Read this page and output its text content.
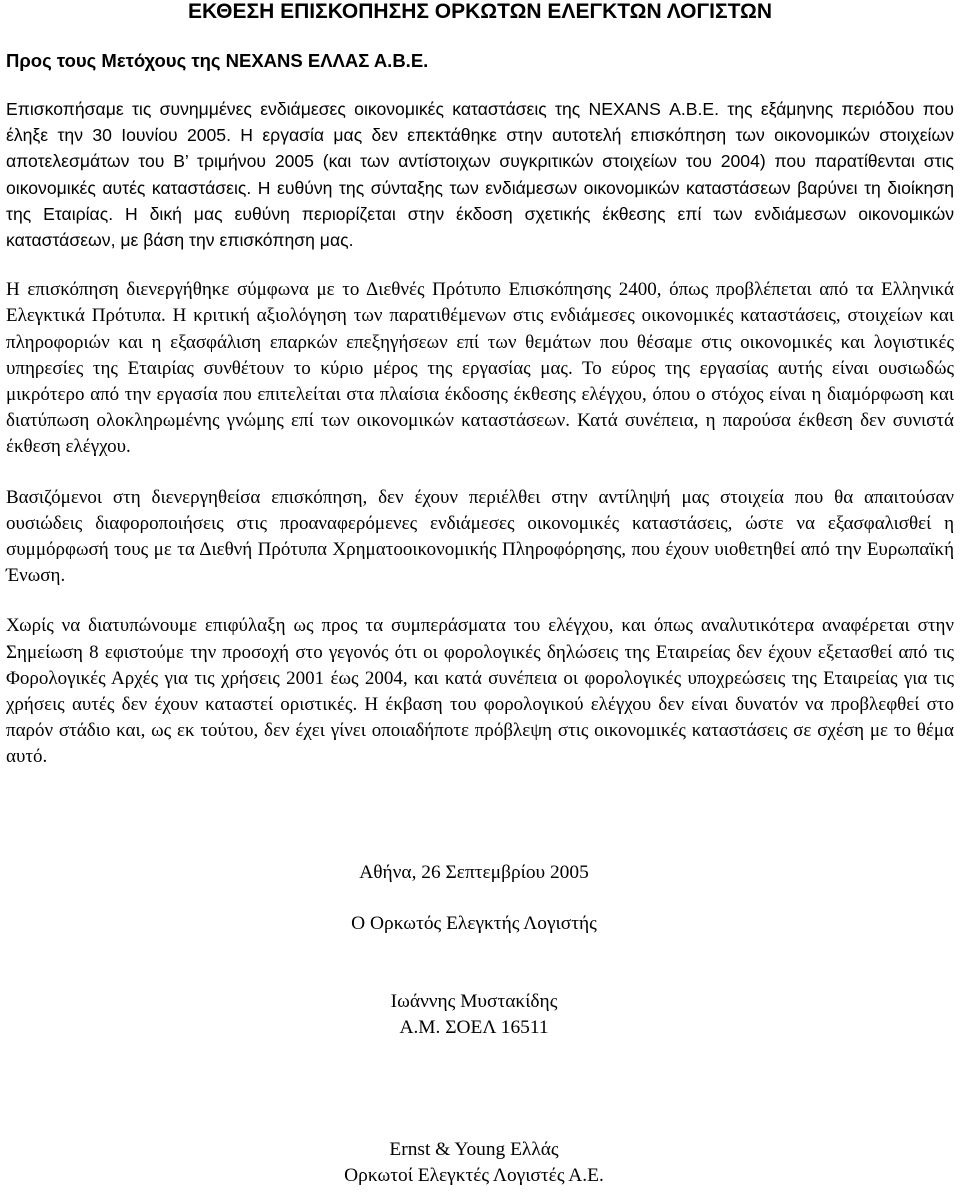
ΕΚΘΕΣΗ ΕΠΙΣΚΟΠΗΣΗΣ ΟΡΚΩΤΩΝ ΕΛΕΓΚΤΩΝ ΛΟΓΙΣΤΩΝ

Προς τους Μετόχους της NEXANS ΕΛΛΑΣ Α.Β.Ε.

Επισκοπήσαμε τις συνημμένες ενδιάμεσες οικονομικές καταστάσεις της NEXANS Α.Β.Ε. της εξάμηνης περιόδου που έληξε την 30 Ιουνίου 2005. Η εργασία μας δεν επεκτάθηκε στην αυτοτελή επισκόπηση των οικονομικών στοιχείων αποτελεσμάτων του Β’ τριμήνου 2005 (και των αντίστοιχων συγκριτικών στοιχείων του 2004) που παρατίθενται στις οικονομικές αυτές καταστάσεις. Η ευθύνη της σύνταξης των ενδιάμεσων οικονομικών καταστάσεων βαρύνει τη διοίκηση της Εταιρίας. Η δική μας ευθύνη περιορίζεται στην έκδοση σχετικής έκθεσης επί των ενδιάμεσων οικονομικών καταστάσεων, με βάση την επισκόπηση μας.

Η επισκόπηση διενεργήθηκε σύμφωνα με το Διεθνές Πρότυπο Επισκόπησης 2400, όπως προβλέπεται από τα Ελληνικά Ελεγκτικά Πρότυπα. Η κριτική αξιολόγηση των παρατιθέμενων στις ενδιάμεσες οικονομικές καταστάσεις, στοιχείων και πληροφοριών και η εξασφάλιση επαρκών επεξηγήσεων επί των θεμάτων που θέσαμε στις οικονομικές και λογιστικές υπηρεσίες της Εταιρίας συνθέτουν το κύριο μέρος της εργασίας μας. Το εύρος της εργασίας αυτής είναι ουσιωδώς μικρότερο από την εργασία που επιτελείται στα πλαίσια έκδοσης έκθεσης ελέγχου, όπου ο στόχος είναι η διαμόρφωση και διατύπωση ολοκληρωμένης γνώμης επί των οικονομικών καταστάσεων. Κατά συνέπεια, η παρούσα έκθεση δεν συνιστά έκθεση ελέγχου.

Βασιζόμενοι στη διενεργηθείσα επισκόπηση, δεν έχουν περιέλθει στην αντίληψή μας στοιχεία που θα απαιτούσαν ουσιώδεις διαφοροποιήσεις στις προαναφερόμενες ενδιάμεσες οικονομικές καταστάσεις, ώστε να εξασφαλισθεί η συμμόρφωσή τους με τα Διεθνή Πρότυπα Χρηματοοικονομικής Πληροφόρησης, που έχουν υιοθετηθεί από την Ευρωπαϊκή Ένωση.

Χωρίς να διατυπώνουμε επιφύλαξη ως προς τα συμπεράσματα του ελέγχου, και όπως αναλυτικότερα αναφέρεται στην Σημείωση 8 εφιστούμε την προσοχή στο γεγονός ότι οι φορολογικές δηλώσεις της Εταιρείας δεν έχουν εξετασθεί από τις Φορολογικές Αρχές για τις χρήσεις 2001 έως 2004, και κατά συνέπεια οι φορολογικές υποχρεώσεις της Εταιρείας για τις χρήσεις αυτές δεν έχουν καταστεί οριστικές. Η έκβαση του φορολογικού ελέγχου δεν είναι δυνατόν να προβλεφθεί στο παρόν στάδιο και, ως εκ τούτου, δεν έχει γίνει οποιαδήποτε πρόβλεψη στις οικονομικές καταστάσεις σε σχέση με το θέμα αυτό.

Αθήνα, 26 Σεπτεμβρίου 2005

Ο Ορκωτός Ελεγκτής Λογιστής

Ιωάννης Μυστακίδης

Α.Μ. ΣΟΕΛ 16511

Ernst & Young Ελλάς

Ορκωτοί Ελεγκτές Λογιστές Α.Ε.
